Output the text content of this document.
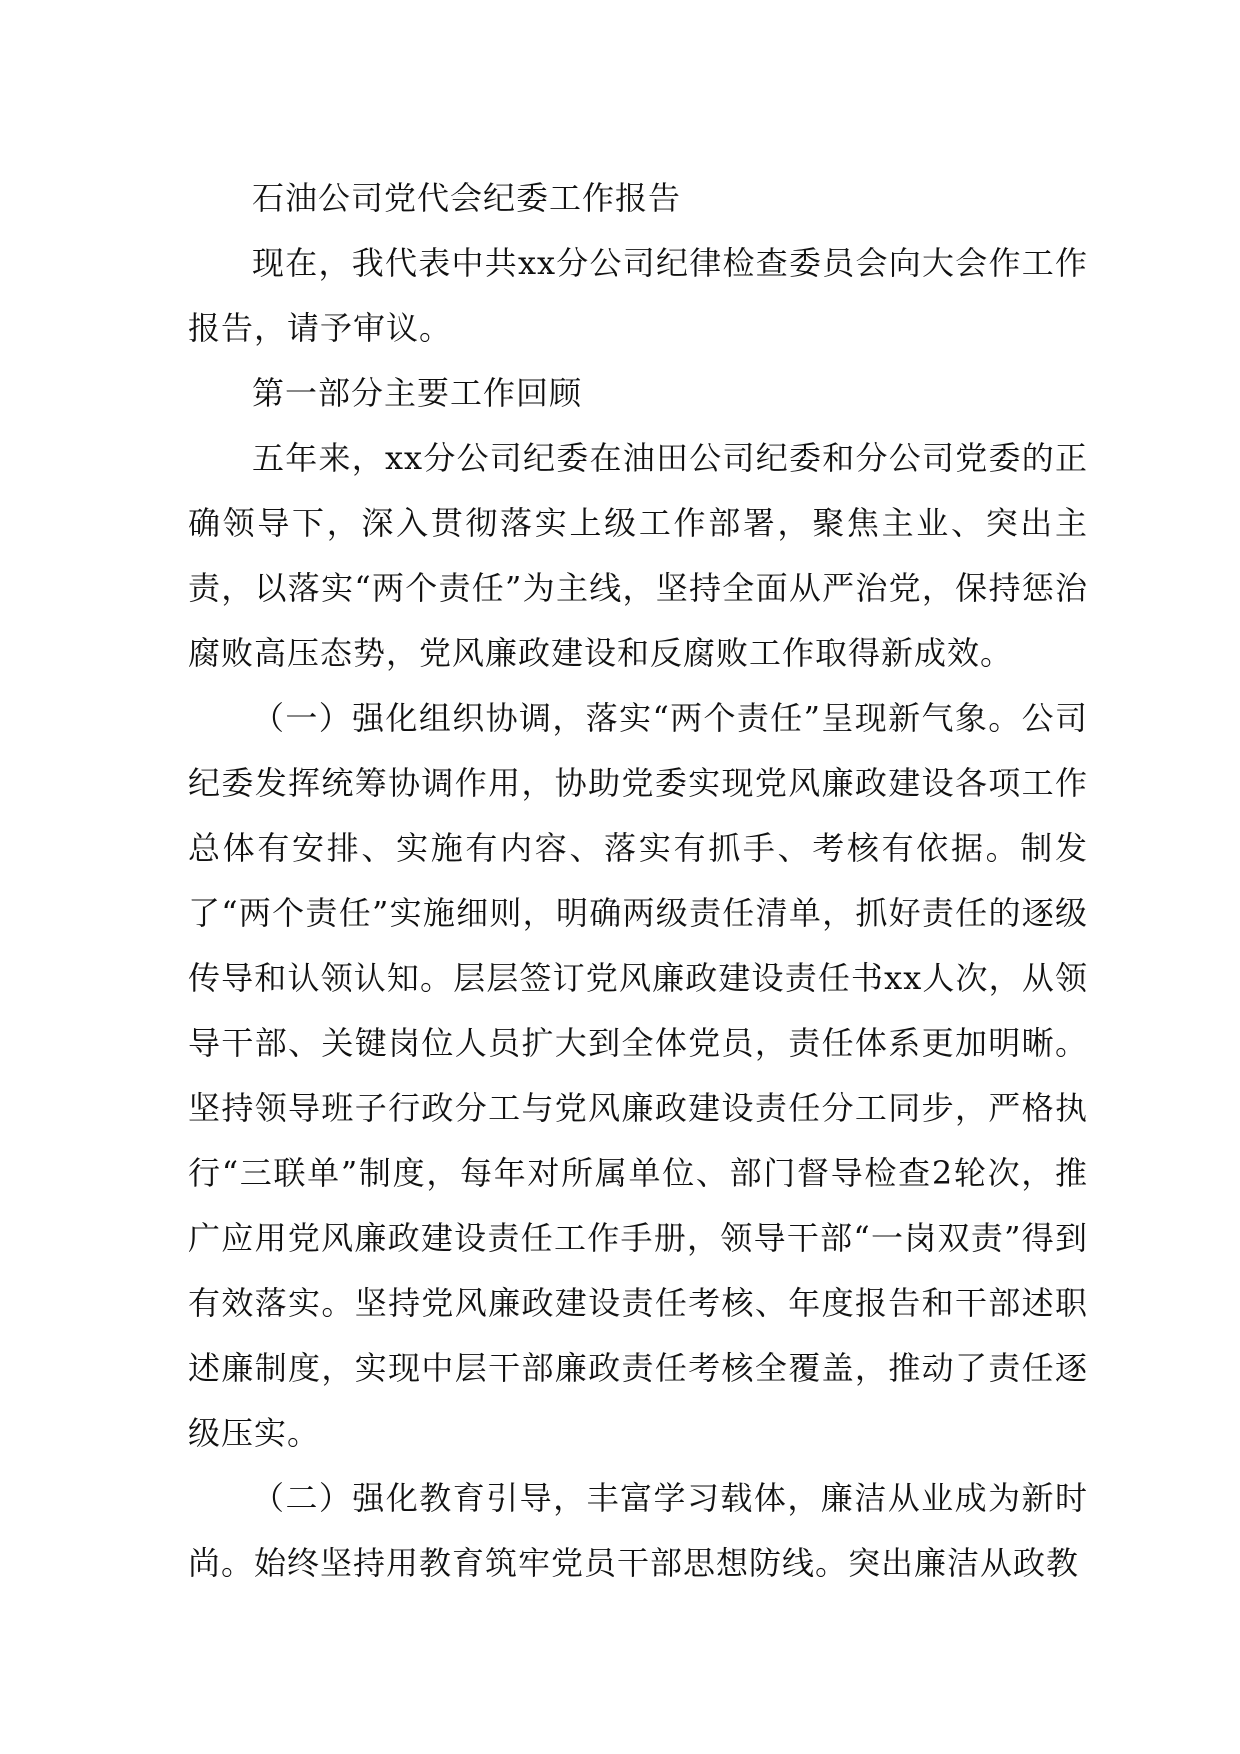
石油公司党代会纪委工作报告

现在，我代表中共xx分公司纪律检查委员会向大会作工作报告，请予审议。

第一部分主要工作回顾

五年来，xx分公司纪委在油田公司纪委和分公司党委的正确领导下，深入贯彻落实上级工作部署，聚焦主业、突出主责，以落实“两个责任”为主线，坚持全面从严治党，保持惩治腐败高压态势，党风廉政建设和反腐败工作取得新成效。

（一）强化组织协调，落实“两个责任”呈现新气象。公司纪委发挥统筹协调作用，协助党委实现党风廉政建设各项工作总体有安排、实施有内容、落实有抓手、考核有依据。制发了“两个责任”实施细则，明确两级责任清单，抓好责任的逐级传导和认领认知。层层签订党风廉政建设责任书xx人次，从领导干部、关键岗位人员扩大到全体党员，责任体系更加明晰。坚持领导班子行政分工与党风廉政建设责任分工同步，严格执行“三联单”制度，每年对所属单位、部门督导检查2轮次，推广应用党风廉政建设责任工作手册，领导干部“一岗双责”得到有效落实。坚持党风廉政建设责任考核、年度报告和干部述职述廉制度，实现中层干部廉政责任考核全覆盖，推动了责任逐级压实。

（二）强化教育引导，丰富学习载体，廉洁从业成为新时尚。始终坚持用教育筑牢党员干部思想防线。突出廉洁从政教
